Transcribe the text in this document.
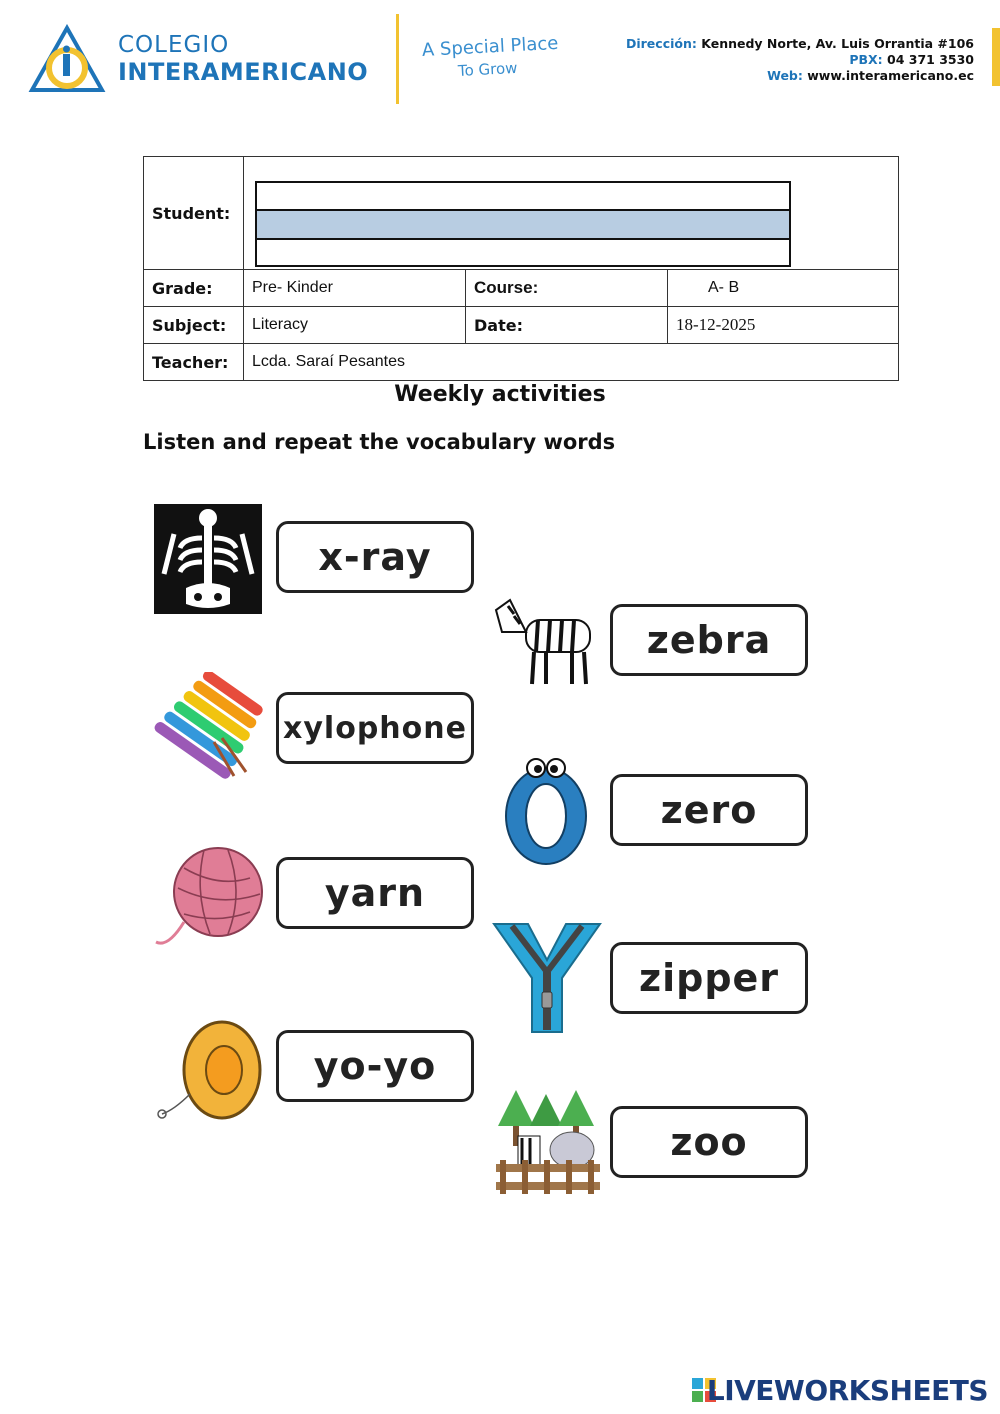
COLEGIO
INTERAMERICANO
A Special Place
To Grow
Dirección: Kennedy Norte, Av. Luis Orrantia #106
PBX: 04 371 3530
Web: www.interamericano.ec
Student:			

Grade:	Pre- Kinder	Course:	A- B
Subject:	Literacy	Date:	18-12-2025
Teacher:	Lcda. Saraí Pesantes		
Weekly activities
Listen and repeat the vocabulary words
x-ray
xylophone
yarn
yo-yo
zebra
zero
zipper
zoo
LIVEWORKSHEETS
